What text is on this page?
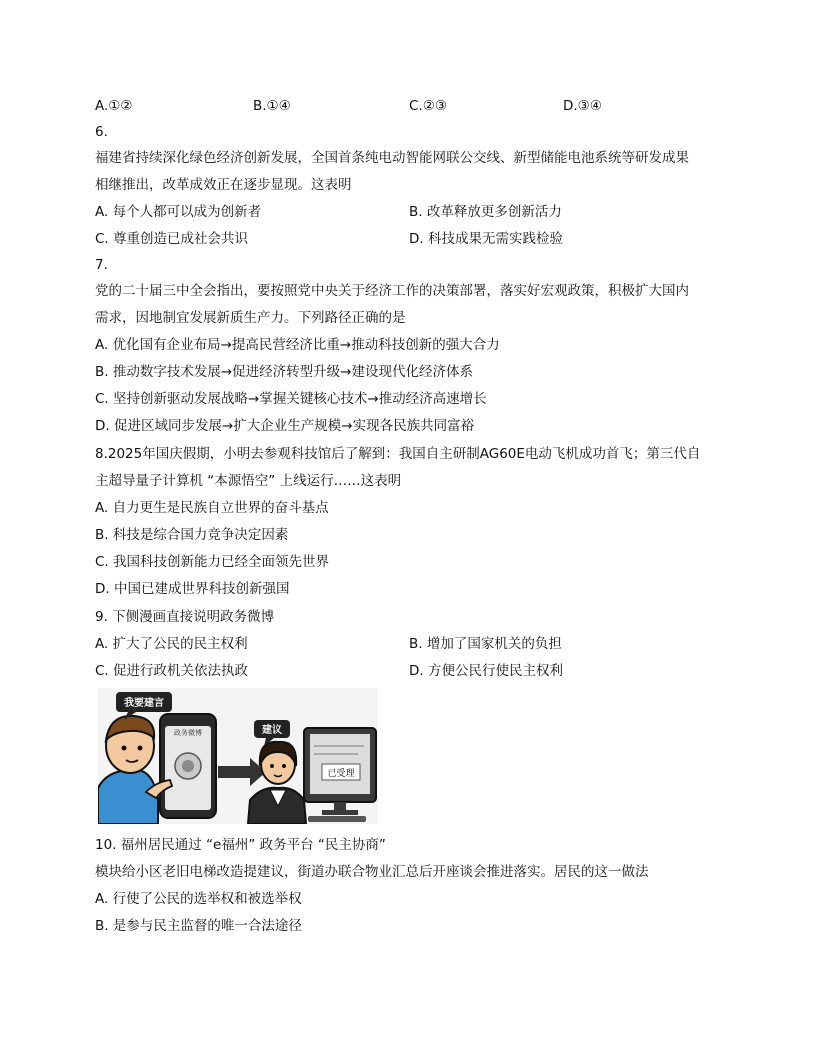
A.①②	B.①④	C.②③	D.③④
6.
福建省持续深化绿色经济创新发展，全国首条纯电动智能网联公交线、新型储能电池系统等研发成果
相继推出，改革成效正在逐步显现。这表明
A. 每个人都可以成为创新者	B. 改革释放更多创新活力
C. 尊重创造已成社会共识	D. 科技成果无需实践检验
7.
党的二十届三中全会指出，要按照党中央关于经济工作的决策部署，落实好宏观政策，积极扩大国内
需求，因地制宜发展新质生产力。下列路径正确的是
A. 优化国有企业布局→提高民营经济比重→推动科技创新的强大合力
B. 推动数字技术发展→促进经济转型升级→建设现代化经济体系
C. 坚持创新驱动发展战略→掌握关键核心技术→推动经济高速增长
D. 促进区域同步发展→扩大企业生产规模→实现各民族共同富裕
8.2025年国庆假期，小明去参观科技馆后了解到：我国自主研制AG60E电动飞机成功首飞；第三代自
主超导量子计算机 “本源悟空” 上线运行……这表明
A. 自力更生是民族自立世界的奋斗基点
B. 科技是综合国力竞争决定因素
C. 我国科技创新能力已经全面领先世界
D. 中国已建成世界科技创新强国
9. 下侧漫画直接说明政务微博
A. 扩大了公民的民主权利	B. 增加了国家机关的负担
C. 促进行政机关依法执政	D. 方便公民行使民主权利
我要建言
政务微博	建议
已受理
10. 福州居民通过 “e福州” 政务平台 “民主协商”
模块给小区老旧电梯改造提建议，街道办联合物业汇总后开座谈会推进落实。居民的这一做法
A. 行使了公民的选举权和被选举权
B. 是参与民主监督的唯一合法途径
